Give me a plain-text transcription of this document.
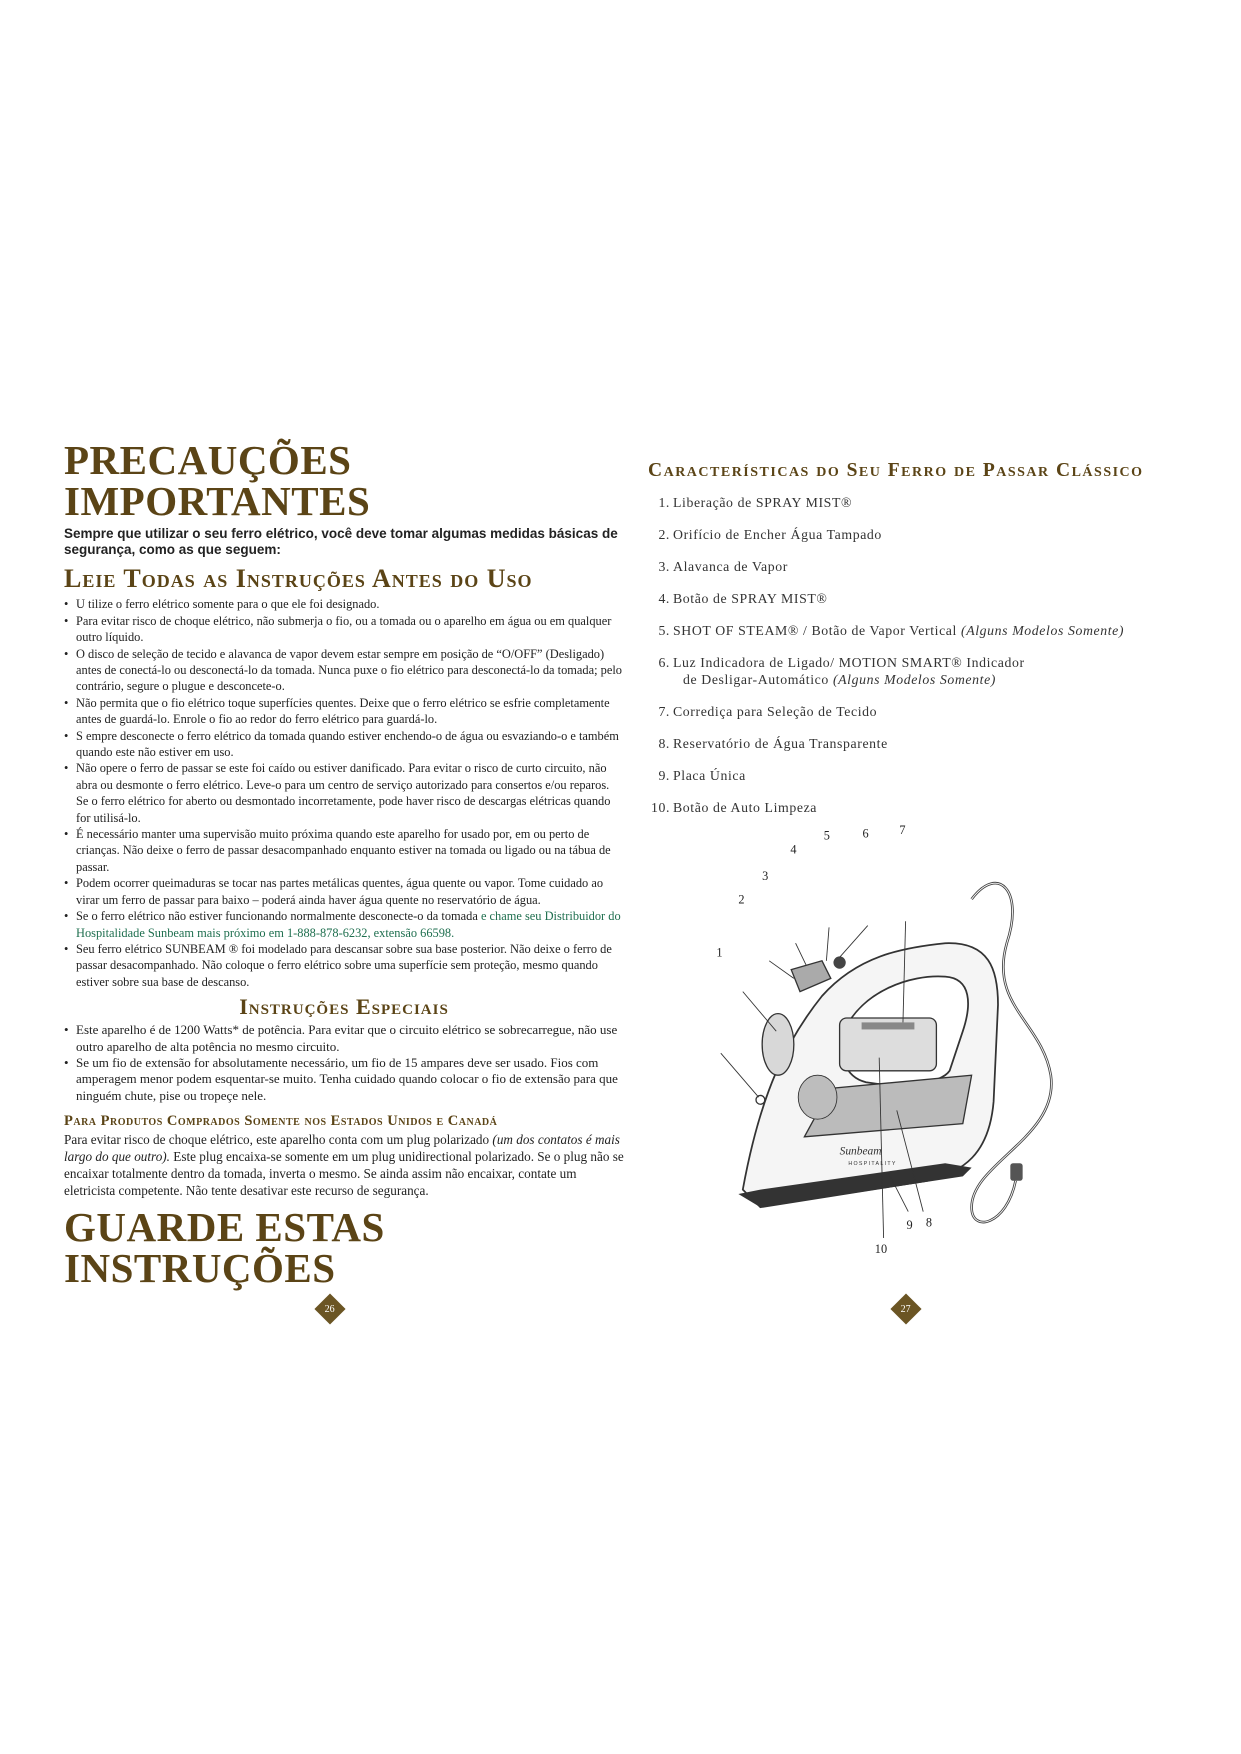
PRECAUÇÕES IMPORTANTES

Sempre que utilizar o seu ferro elétrico, você deve tomar algumas medidas básicas de segurança, como as que seguem:

Leie Todas as Instruções Antes do Uso
• U tilize o ferro elétrico somente para o que ele foi designado.
• Para evitar risco de choque elétrico, não submerja o fio, ou a tomada ou o aparelho em água ou em qualquer outro líquido.
• O disco de seleção de tecido e alavanca de vapor devem estar sempre em posição de “O/OFF” (Desligado) antes de conectá-lo ou desconectá-lo da tomada. Nunca puxe o fio elétrico para desconectá-lo da tomada; pelo contrário, segure o plugue e desconcete-o.
• Não permita que o fio elétrico toque superfícies quentes. Deixe que o ferro elétrico se esfrie completamente antes de guardá-lo. Enrole o fio ao redor do ferro elétrico para guardá-lo.
• S empre desconecte o ferro elétrico da tomada quando estiver enchendo-o de água ou esvaziando-o e também quando este não estiver em uso.
• Não opere o ferro de passar se este foi caído ou estiver danificado. Para evitar o risco de curto circuito, não abra ou desmonte o ferro elétrico. Leve-o para um centro de serviço autorizado para consertos e/ou reparos. Se o ferro elétrico for aberto ou desmontado incorretamente, pode haver risco de descargas elétricas quando for utilisá-lo.
• É necessário manter uma supervisão muito próxima quando este aparelho for usado por, em ou perto de crianças. Não deixe o ferro de passar desacompanhado enquanto estiver na tomada ou ligado ou na tábua de passar.
• Podem ocorrer queimaduras se tocar nas partes metálicas quentes, água quente ou vapor. Tome cuidado ao virar um ferro de passar para baixo – poderá ainda haver água quente no reservatório de água.
• Se o ferro elétrico não estiver funcionando normalmente desconecte-o da tomada e chame seu Distribuidor do Hospitalidade Sunbeam mais próximo em 1-888-878-6232, extensão 66598.
• Seu ferro elétrico SUNBEAM ® foi modelado para descansar sobre sua base posterior. Não deixe o ferro de passar desacompanhado. Não coloque o ferro elétrico sobre uma superfície sem proteção, mesmo quando estiver sobre sua base de descanso.
Instruções Especiais
• Este aparelho é de 1200 Watts* de potência. Para evitar que o circuito elétrico se sobrecarregue, não use outro aparelho de alta potência no mesmo circuito.
• Se um fio de extensão for absolutamente necessário, um fio de 15 ampares deve ser usado. Fios com amperagem menor podem esquentar-se muito. Tenha cuidado quando colocar o fio de extensão para que ninguém chute, pise ou tropeçe nele.
Para Produtos Comprados Somente nos Estados Unidos e Canadá

Para evitar risco de choque elétrico, este aparelho conta com um plug polarizado (um dos contatos é mais largo do que outro). Este plug encaixa-se somente em um plug unidirectional polarizado. Se o plug não se encaixar totalmente dentro da tomada, inverta o mesmo. Se ainda assim não encaixar, contate um eletricista competente. Não tente desativar este recurso de segurança.

GUARDE ESTAS INSTRUÇÕES
26
Características do Seu Ferro de Passar Clássico
1. Liberação de SPRAY MIST®
2. Orifício de Encher Água Tampado
3. Alavanca de Vapor
4. Botão de SPRAY MIST®
5. SHOT OF STEAM® / Botão de Vapor Vertical (Alguns Modelos Somente)
6. Luz Indicadora de Ligado/ MOTION SMART® Indicador
de Desligar-Automático (Alguns Modelos Somente)
7. Corrediça para Seleção de Tecido
8. Reservatório de Água Transparente
9. Placa Única
10. Botão de Auto Limpeza
Sunbeam
HOSPITALITY
1
2
3
4
5 6 7
8
9
10
27
